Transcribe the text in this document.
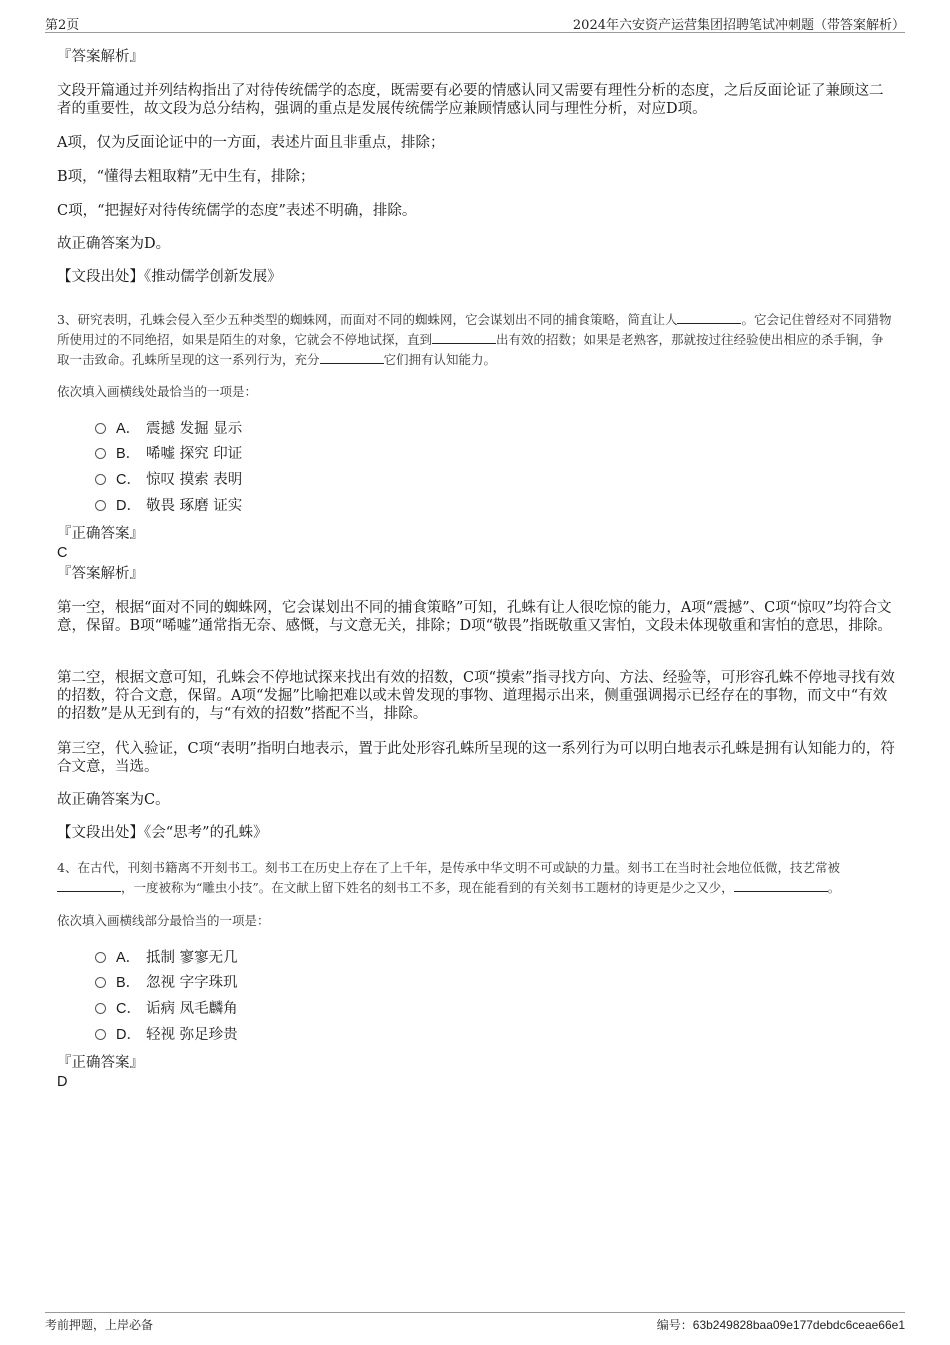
第2页	2024年六安资产运营集团招聘笔试冲刺题（带答案解析）
『答案解析』
文段开篇通过并列结构指出了对待传统儒学的态度，既需要有必要的情感认同又需要有理性分析的态度，之后反面论证了兼顾这二者的重要性，故文段为总分结构，强调的重点是发展传统儒学应兼顾情感认同与理性分析，对应D项。
A项，仅为反面论证中的一方面，表述片面且非重点，排除；
B项，“懂得去粗取精”无中生有，排除；
C项，“把握好对待传统儒学的态度”表述不明确，排除。
故正确答案为D。
【文段出处】《推动儒学创新发展》
3、研究表明，孔蛛会侵入至少五种类型的蜘蛛网，而面对不同的蜘蛛网，它会谋划出不同的捕食策略，简直让人	。它会记住曾经对不同猎物所使用过的不同绝招，如果是陌生的对象，它就会不停地试探，直到	出有效的招数；如果是老熟客，那就按过往经验使出相应的杀手锏，争取一击致命。孔蛛所呈现的这一系列行为，充分	它们拥有认知能力。
依次填入画横线处最恰当的一项是：
A． 震撼 发掘 显示
B． 唏嘘 探究 印证
C． 惊叹 摸索 表明
D． 敬畏 琢磨 证实
『正确答案』
C
『答案解析』
第一空，根据“面对不同的蜘蛛网，它会谋划出不同的捕食策略”可知，孔蛛有让人很吃惊的能力，A项“震撼”、C项“惊叹”均符合文意，保留。B项“唏嘘”通常指无奈、感慨，与文意无关，排除；D项“敬畏”指既敬重又害怕，文段未体现敬重和害怕的意思，排除。
第二空，根据文意可知，孔蛛会不停地试探来找出有效的招数，C项“摸索”指寻找方向、方法、经验等，可形容孔蛛不停地寻找有效的招数，符合文意，保留。A项“发掘”比喻把难以或未曾发现的事物、道理揭示出来，侧重强调揭示已经存在的事物，而文中“有效的招数”是从无到有的，与“有效的招数”搭配不当，排除。
第三空，代入验证，C项“表明”指明白地表示，置于此处形容孔蛛所呈现的这一系列行为可以明白地表示孔蛛是拥有认知能力的，符合文意，当选。
故正确答案为C。
【文段出处】《会“思考”的孔蛛》
4、在古代，刊刻书籍离不开刻书工。刻书工在历史上存在了上千年，是传承中华文明不可或缺的力量。刻书工在当时社会地位低微，技艺常被，一度被称为“雕虫小技”。在文献上留下姓名的刻书工不多，现在能看到的有关刻书工题材的诗更是少之又少，	。
依次填入画横线部分最恰当的一项是：
A． 抵制 寥寥无几
B． 忽视 字字珠玑
C． 诟病 凤毛麟角
D． 轻视 弥足珍贵
『正确答案』
D
考前押题，上岸必备	编号：63b249828baa09e177debdc6ceae66e1
